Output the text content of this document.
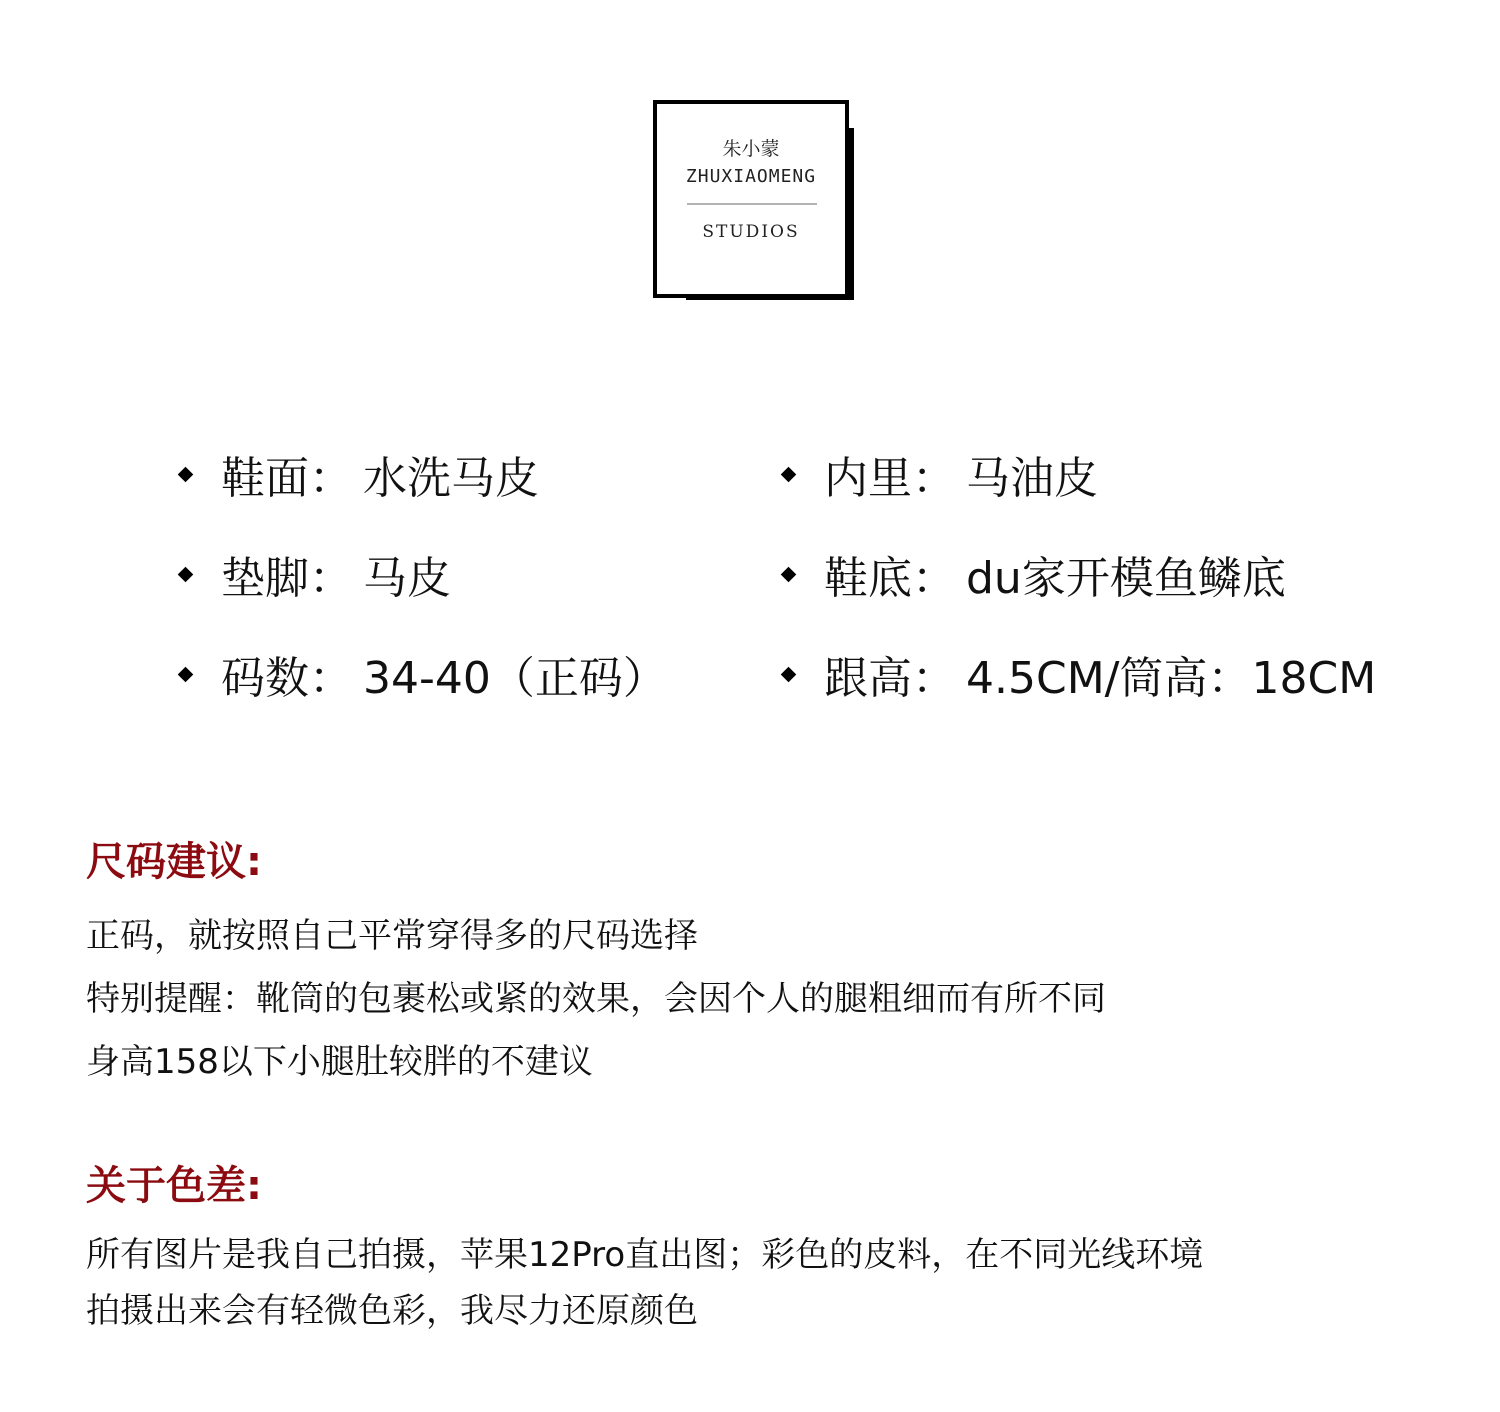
朱小蒙
ZHUXIAOMENG
STUDIOS
鞋面： 水洗马皮
垫脚： 马皮
码数： 34-40（正码）
内里： 马油皮
鞋底： du家开模鱼鳞底
跟高： 4.5CM/筒高：18CM
尺码建议:
正码，就按照自己平常穿得多的尺码选择
特别提醒：靴筒的包裹松或紧的效果，会因个人的腿粗细而有所不同
身高158以下小腿肚较胖的不建议
关于色差:
所有图片是我自己拍摄，苹果12Pro直出图；彩色的皮料，在不同光线环境
拍摄出来会有轻微色彩，我尽力还原颜色
